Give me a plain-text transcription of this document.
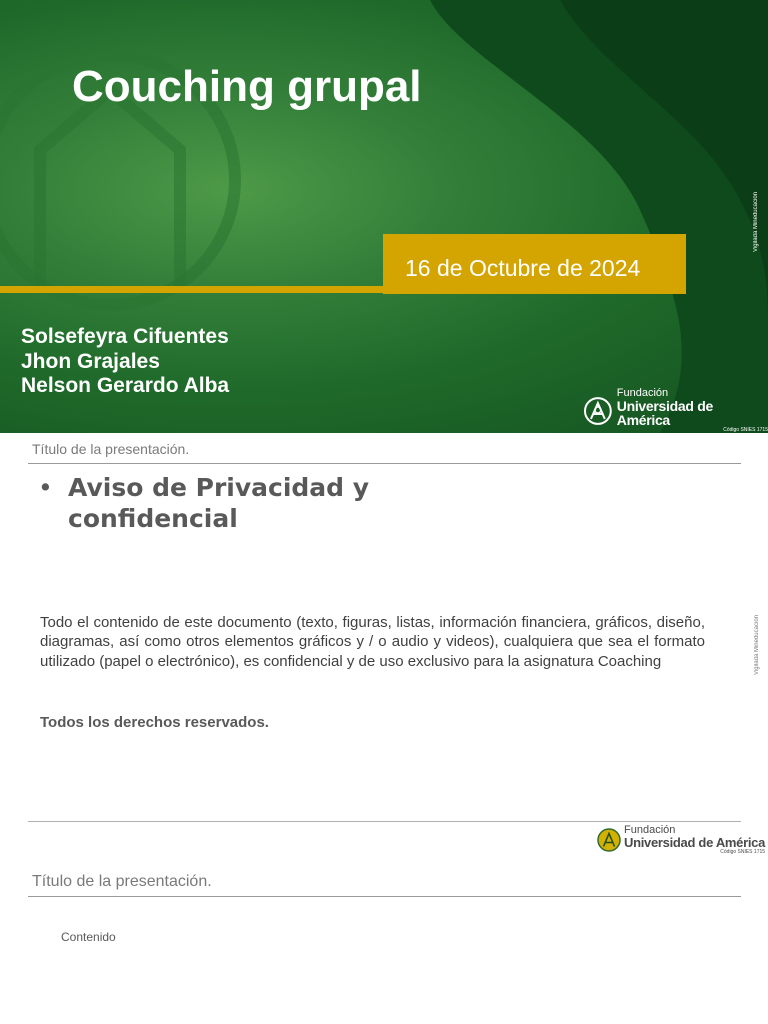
Couching grupal
16 de Octubre de 2024
Solsefeyra Cifuentes
Jhon Grajales
Nelson Gerardo Alba
Vigilada Mineducación
Fundación
Universidad de América
Código SNIES 1715
Título de la presentación.
• Aviso de Privacidad y confidencial

Todo el contenido de este documento (texto, figuras, listas, información financiera, gráficos, diseño, diagramas, así como otros elementos gráficos y / o audio y videos), cualquiera que sea el formato utilizado (papel o electrónico), es confidencial y de uso exclusivo para la asignatura Coaching

Todos los derechos reservados.
Vigilada Mineducación
Fundación
Universidad de América
Código SNIES 1715
Título de la presentación.
Contenido
